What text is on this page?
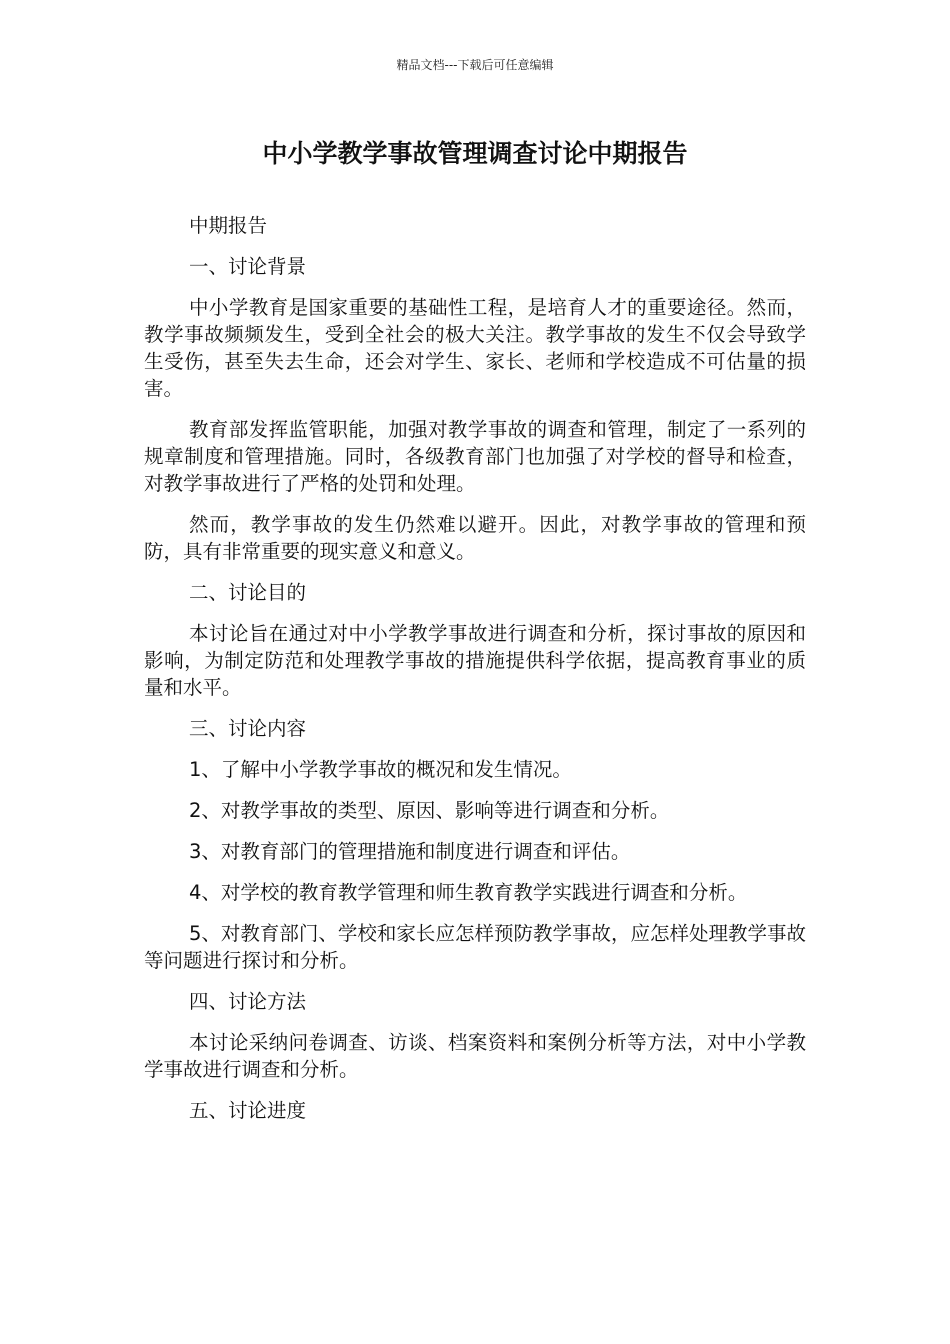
精品文档---下载后可任意编辑
中小学教学事故管理调查讨论中期报告

中期报告

一、讨论背景

中小学教育是国家重要的基础性工程，是培育人才的重要途径。然而，教学事故频频发生，受到全社会的极大关注。教学事故的发生不仅会导致学生受伤，甚至失去生命，还会对学生、家长、老师和学校造成不可估量的损害。

教育部发挥监管职能，加强对教学事故的调查和管理，制定了一系列的规章制度和管理措施。同时，各级教育部门也加强了对学校的督导和检查，对教学事故进行了严格的处罚和处理。

然而，教学事故的发生仍然难以避开。因此，对教学事故的管理和预防，具有非常重要的现实意义和意义。

二、讨论目的

本讨论旨在通过对中小学教学事故进行调查和分析，探讨事故的原因和影响，为制定防范和处理教学事故的措施提供科学依据，提高教育事业的质量和水平。

三、讨论内容

1、了解中小学教学事故的概况和发生情况。

2、对教学事故的类型、原因、影响等进行调查和分析。

3、对教育部门的管理措施和制度进行调查和评估。

4、对学校的教育教学管理和师生教育教学实践进行调查和分析。

5、对教育部门、学校和家长应怎样预防教学事故，应怎样处理教学事故等问题进行探讨和分析。

四、讨论方法

本讨论采纳问卷调查、访谈、档案资料和案例分析等方法，对中小学教学事故进行调查和分析。

五、讨论进度
